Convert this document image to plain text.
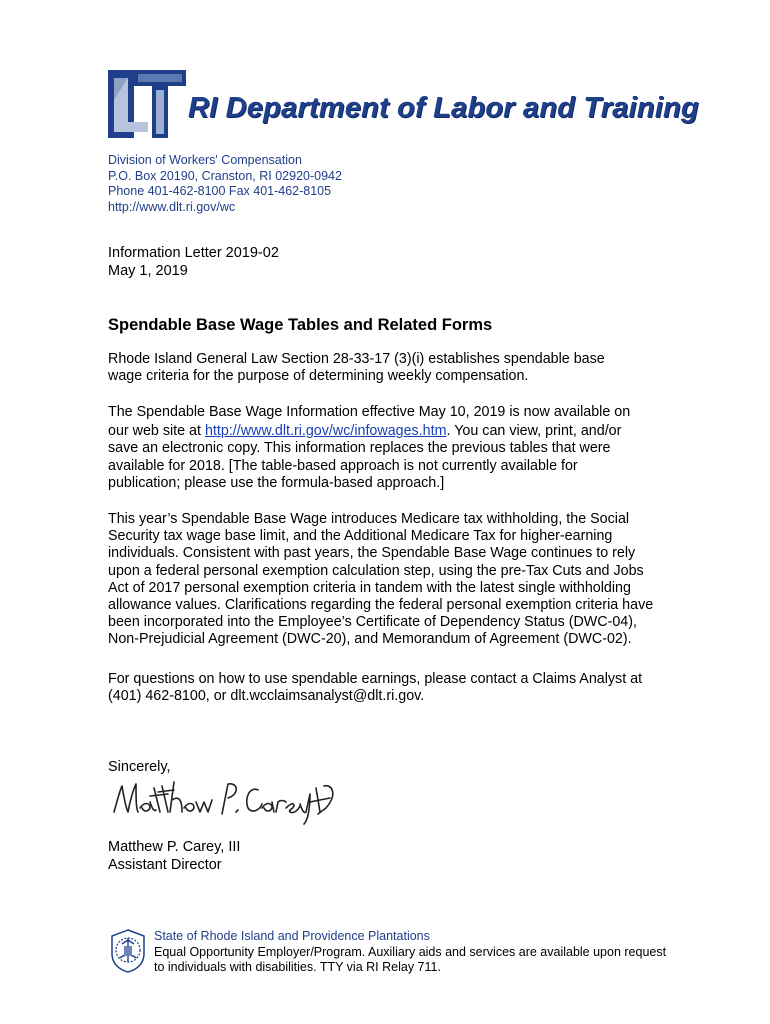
RI Department of Labor and Training
Division of Workers' Compensation
P.O. Box 20190, Cranston, RI 02920-0942
Phone 401-462-8100 Fax 401-462-8105
http://www.dlt.ri.gov/wc
Information Letter 2019-02
May 1, 2019
Spendable Base Wage Tables and Related Forms
Rhode Island General Law Section 28-33-17 (3)(i) establishes spendable base
wage criteria for the purpose of determining weekly compensation.
The Spendable Base Wage Information effective May 10, 2019 is now available on
our web site at http://www.dlt.ri.gov/wc/infowages.htm. You can view, print, and/or
save an electronic copy. This information replaces the previous tables that were
available for 2018. [The table-based approach is not currently available for
publication; please use the formula-based approach.]
This year’s Spendable Base Wage introduces Medicare tax withholding, the Social
Security tax wage base limit, and the Additional Medicare Tax for higher-earning
individuals. Consistent with past years, the Spendable Base Wage continues to rely
upon a federal personal exemption calculation step, using the pre-Tax Cuts and Jobs
Act of 2017 personal exemption criteria in tandem with the latest single withholding
allowance values. Clarifications regarding the federal personal exemption criteria have
been incorporated into the Employee’s Certificate of Dependency Status (DWC-04),
Non-Prejudicial Agreement (DWC-20), and Memorandum of Agreement (DWC-02).
For questions on how to use spendable earnings, please contact a Claims Analyst at
(401) 462-8100, or dlt.wcclaimsanalyst@dlt.ri.gov.
Sincerely,
Matthew P. Carey, III
Assistant Director
State of Rhode Island and Providence Plantations
Equal Opportunity Employer/Program. Auxiliary aids and services are available upon request
to individuals with disabilities. TTY via RI Relay 711.
